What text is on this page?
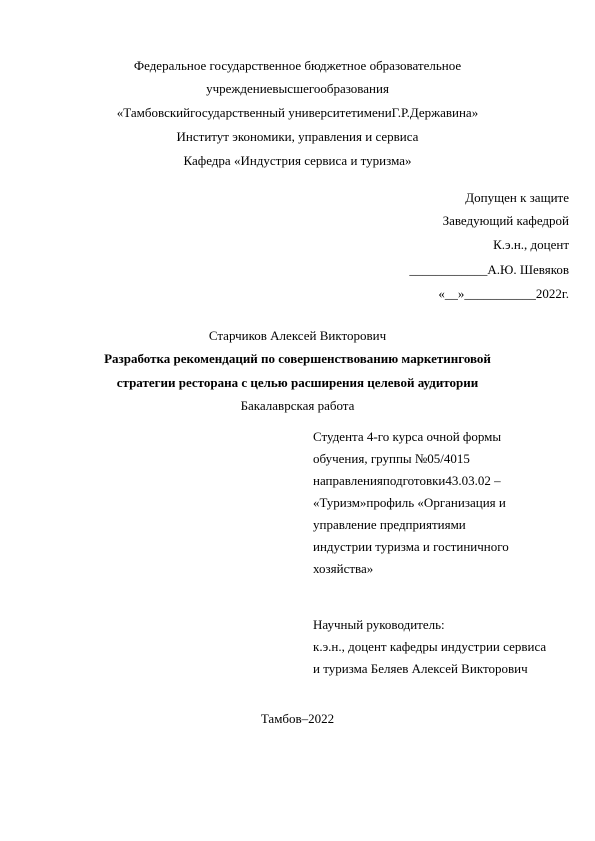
Федеральное государственное бюджетное образовательное
учреждениевысшегообразования
«Тамбовскийгосударственный университетимениГ.Р.Державина»
Институт экономики, управления и сервиса
Кафедра «Индустрия сервиса и туризма»
Допущен к защите
Заведующий кафедрой
К.э.н., доцент
____________А.Ю. Шевяков
«__»___________2022г.
Старчиков Алексей Викторович
Разработка рекомендаций по совершенствованию маркетинговой
стратегии ресторана с целью расширения целевой аудитории
Бакалаврская работа
Студента 4-го курса очной формы
обучения, группы №05/4015
направленияподготовки43.03.02 –
«Туризм»профиль «Организация и
управление предприятиями
индустрии туризма и гостиничного
хозяйства»
Научный руководитель:
к.э.н., доцент кафедры индустрии сервиса
и туризма Беляев Алексей Викторович
Тамбов–2022
